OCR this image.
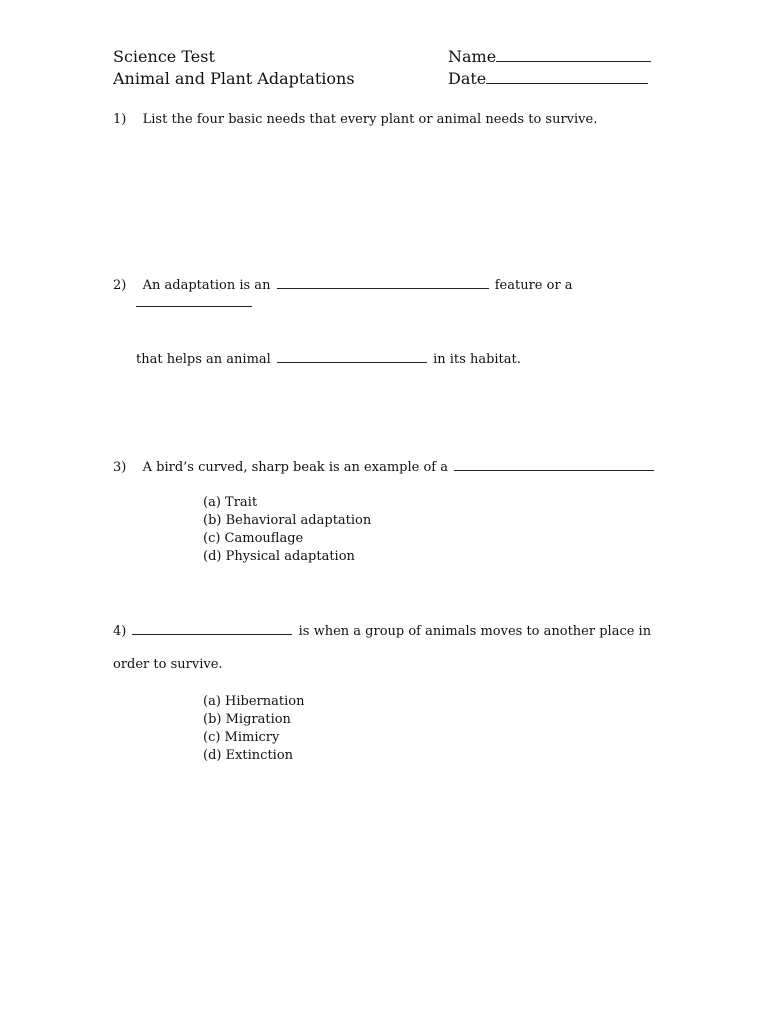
Science Test
Animal and Plant Adaptations
Name
Date
1) List the four basic needs that every plant or animal needs to survive.
2) An adaptation is an	feature or a
that helps an animal	in its habitat.
3) A bird’s curved, sharp beak is an example of a
(a) Trait
(b) Behavioral adaptation
(c) Camouflage
(d) Physical adaptation
4)	is when a group of animals moves to another place in
order to survive.
(a) Hibernation
(b) Migration
(c) Mimicry
(d) Extinction
